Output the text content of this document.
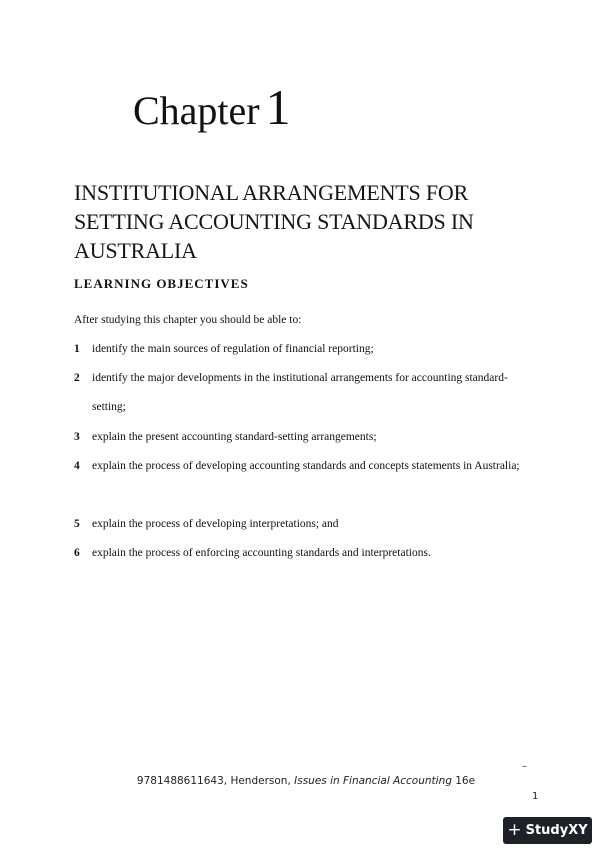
Chapter 1
INSTITUTIONAL ARRANGEMENTS FOR
SETTING ACCOUNTING STANDARDS IN
AUSTRALIA
LEARNING OBJECTIVES
After studying this chapter you should be able to:
1 identify the main sources of regulation of financial reporting;
2 identify the major developments in the institutional arrangements for accounting standard-setting;
3 explain the present accounting standard-setting arrangements;
4 explain the process of developing accounting standards and concepts statements in Australia;
5 explain the process of developing interpretations; and
6 explain the process of enforcing accounting standards and interpretations.
–
9781488611643, Henderson, Issues in Financial Accounting 16e
1
+ StudyXY
